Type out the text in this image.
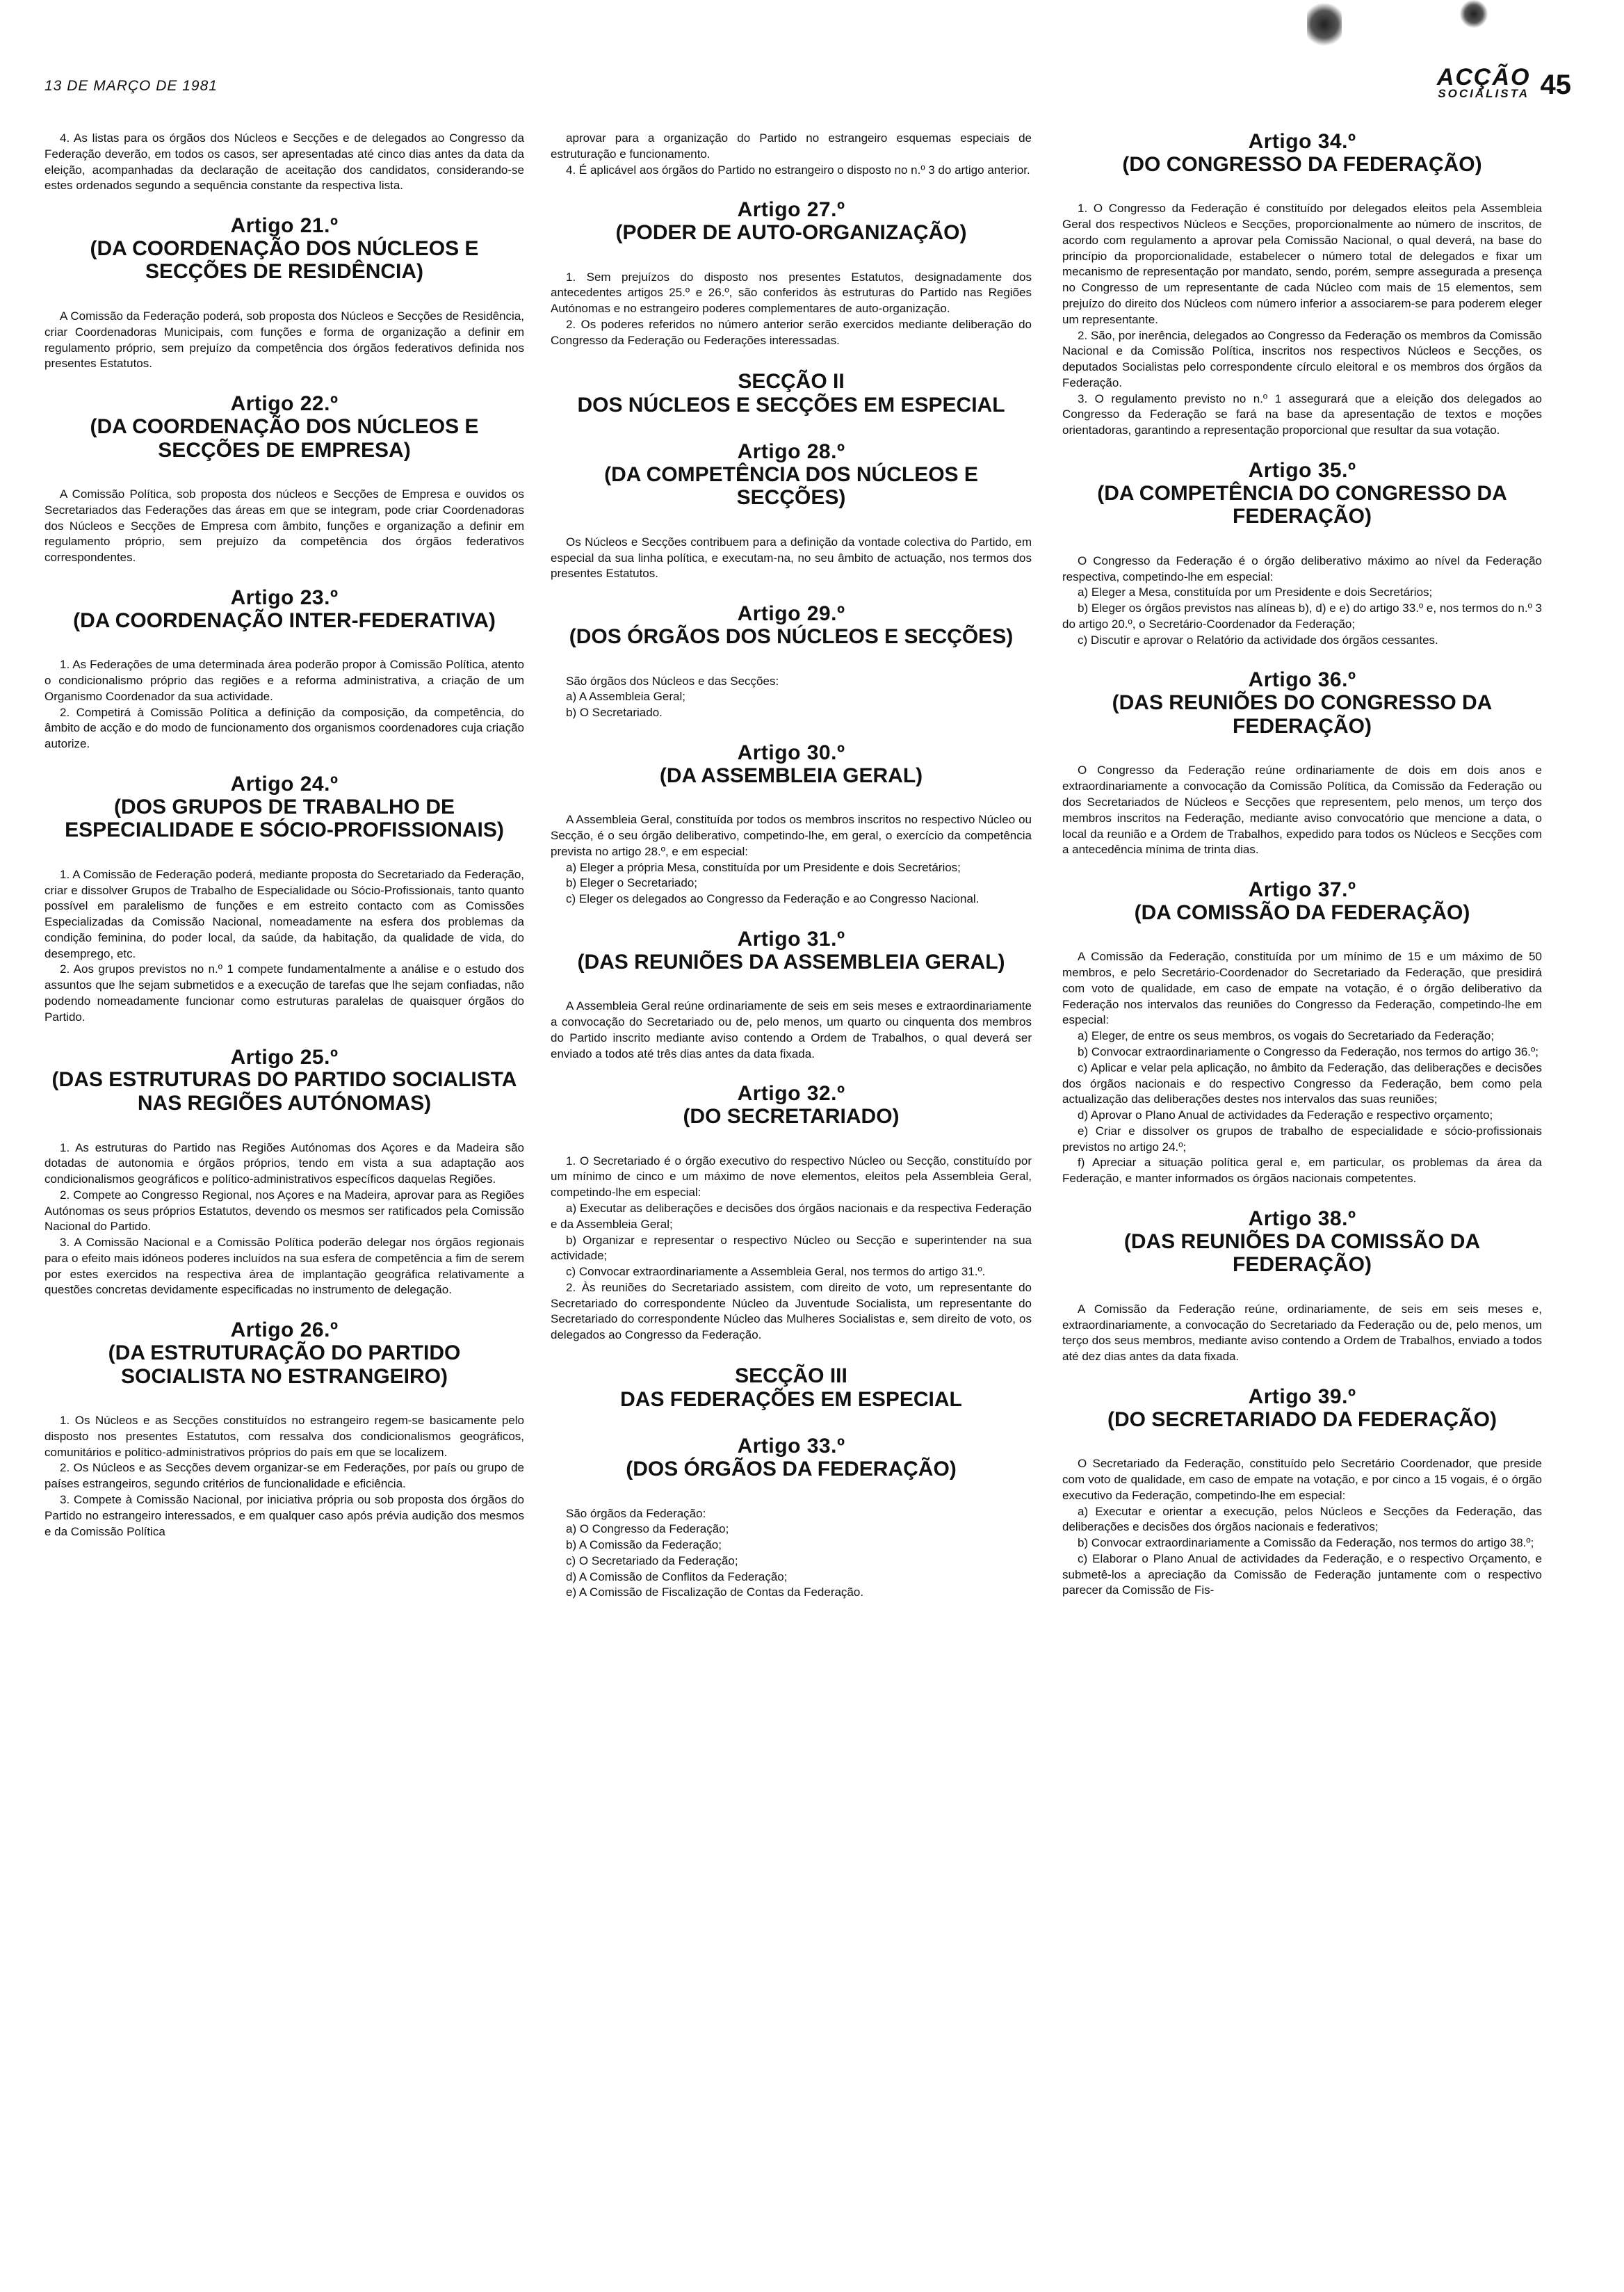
13 DE MARÇO DE 1981	ACÇÃO
SOCIALISTA 45

4. As listas para os órgãos dos Núcleos e Secções e de delegados ao Congresso da Federação deverão, em todos os casos, ser apresentadas até cinco dias antes da data da eleição, acompanhadas da declaração de aceitação dos candidatos, considerando-se estes ordenados segundo a sequência constante da respectiva lista.

Artigo 21.º
(DA COORDENAÇÃO DOS NÚCLEOS E SECÇÕES DE RESIDÊNCIA)

A Comissão da Federação poderá, sob proposta dos Núcleos e Secções de Residência, criar Coordenadoras Municipais, com funções e forma de organização a definir em regulamento próprio, sem prejuízo da competência dos órgãos federativos definida nos presentes Estatutos.

Artigo 22.º
(DA COORDENAÇÃO DOS NÚCLEOS E SECÇÕES DE EMPRESA)

A Comissão Política, sob proposta dos núcleos e Secções de Empresa e ouvidos os Secretariados das Federações das áreas em que se integram, pode criar Coordenadoras dos Núcleos e Secções de Empresa com âmbito, funções e organização a definir em regulamento próprio, sem prejuízo da competência dos órgãos federativos correspondentes.

Artigo 23.º
(DA COORDENAÇÃO INTER-FEDERATIVA)

1. As Federações de uma determinada área poderão propor à Comissão Política, atento o condicionalismo próprio das regiões e a reforma administrativa, a criação de um Organismo Coordenador da sua actividade.

2. Competirá à Comissão Política a definição da composição, da competência, do âmbito de acção e do modo de funcionamento dos organismos coordenadores cuja criação autorize.

Artigo 24.º
(DOS GRUPOS DE TRABALHO DE ESPECIALIDADE E SÓCIO-PROFISSIONAIS)

1. A Comissão de Federação poderá, mediante proposta do Secretariado da Federação, criar e dissolver Grupos de Trabalho de Especialidade ou Sócio-Profissionais, tanto quanto possível em paralelismo de funções e em estreito contacto com as Comissões Especializadas da Comissão Nacional, nomeadamente na esfera dos problemas da condição feminina, do poder local, da saúde, da habitação, da qualidade de vida, do desemprego, etc.

2. Aos grupos previstos no n.º 1 compete fundamentalmente a análise e o estudo dos assuntos que lhe sejam submetidos e a execução de tarefas que lhe sejam confiadas, não podendo nomeadamente funcionar como estruturas paralelas de quaisquer órgãos do Partido.

Artigo 25.º
(DAS ESTRUTURAS DO PARTIDO SOCIALISTA NAS REGIÕES AUTÓNOMAS)

1. As estruturas do Partido nas Regiões Autónomas dos Açores e da Madeira são dotadas de autonomia e órgãos próprios, tendo em vista a sua adaptação aos condicionalismos geográficos e político-administrativos específicos daquelas Regiões.

2. Compete ao Congresso Regional, nos Açores e na Madeira, aprovar para as Regiões Autónomas os seus próprios Estatutos, devendo os mesmos ser ratificados pela Comissão Nacional do Partido.

3. A Comissão Nacional e a Comissão Política poderão delegar nos órgãos regionais para o efeito mais idóneos poderes incluídos na sua esfera de competência a fim de serem por estes exercidos na respectiva área de implantação geográfica relativamente a questões concretas devidamente especificadas no instrumento de delegação.

Artigo 26.º
(DA ESTRUTURAÇÃO DO PARTIDO SOCIALISTA NO ESTRANGEIRO)

1. Os Núcleos e as Secções constituídos no estrangeiro regem-se basicamente pelo disposto nos presentes Estatutos, com ressalva dos condicionalismos geográficos, comunitários e político-administrativos próprios do país em que se localizem.

2. Os Núcleos e as Secções devem organizar-se em Federações, por país ou grupo de países estrangeiros, segundo critérios de funcionalidade e eficiência.

3. Compete à Comissão Nacional, por iniciativa própria ou sob proposta dos órgãos do Partido no estrangeiro interessados, e em qualquer caso após prévia audição dos mesmos e da Comissão Política

aprovar para a organização do Partido no estrangeiro esquemas especiais de estruturação e funcionamento.

4. É aplicável aos órgãos do Partido no estrangeiro o disposto no n.º 3 do artigo anterior.

Artigo 27.º
(PODER DE AUTO-ORGANIZAÇÃO)

1. Sem prejuízos do disposto nos presentes Estatutos, designadamente dos antecedentes artigos 25.º e 26.º, são conferidos às estruturas do Partido nas Regiões Autónomas e no estrangeiro poderes complementares de auto-organização.

2. Os poderes referidos no número anterior serão exercidos mediante deliberação do Congresso da Federação ou Federações interessadas.

SECÇÃO II
DOS NÚCLEOS E SECÇÕES EM ESPECIAL
Artigo 28.º
(DA COMPETÊNCIA DOS NÚCLEOS E SECÇÕES)

Os Núcleos e Secções contribuem para a definição da vontade colectiva do Partido, em especial da sua linha política, e executam-na, no seu âmbito de actuação, nos termos dos presentes Estatutos.

Artigo 29.º
(DOS ÓRGÃOS DOS NÚCLEOS E SECÇÕES)

São órgãos dos Núcleos e das Secções:

a) A Assembleia Geral;

b) O Secretariado.

Artigo 30.º
(DA ASSEMBLEIA GERAL)

A Assembleia Geral, constituída por todos os membros inscritos no respectivo Núcleo ou Secção, é o seu órgão deliberativo, competindo-lhe, em geral, o exercício da competência prevista no artigo 28.º, e em especial:

a) Eleger a própria Mesa, constituída por um Presidente e dois Secretários;

b) Eleger o Secretariado;

c) Eleger os delegados ao Congresso da Federação e ao Congresso Nacional.

Artigo 31.º
(DAS REUNIÕES DA ASSEMBLEIA GERAL)

A Assembleia Geral reúne ordinariamente de seis em seis meses e extraordinariamente a convocação do Secretariado ou de, pelo menos, um quarto ou cinquenta dos membros do Partido inscrito mediante aviso contendo a Ordem de Trabalhos, o qual deverá ser enviado a todos até três dias antes da data fixada.

Artigo 32.º
(DO SECRETARIADO)

1. O Secretariado é o órgão executivo do respectivo Núcleo ou Secção, constituído por um mínimo de cinco e um máximo de nove elementos, eleitos pela Assembleia Geral, competindo-lhe em especial:

a) Executar as deliberações e decisões dos órgãos nacionais e da respectiva Federação e da Assembleia Geral;

b) Organizar e representar o respectivo Núcleo ou Secção e superintender na sua actividade;

c) Convocar extraordinariamente a Assembleia Geral, nos termos do artigo 31.º.

2. Às reuniões do Secretariado assistem, com direito de voto, um representante do Secretariado do correspondente Núcleo da Juventude Socialista, um representante do Secretariado do correspondente Núcleo das Mulheres Socialistas e, sem direito de voto, os delegados ao Congresso da Federação.

SECÇÃO III
DAS FEDERAÇÕES EM ESPECIAL
Artigo 33.º
(DOS ÓRGÃOS DA FEDERAÇÃO)

São órgãos da Federação:

a) O Congresso da Federação;

b) A Comissão da Federação;

c) O Secretariado da Federação;

d) A Comissão de Conflitos da Federação;

e) A Comissão de Fiscalização de Contas da Federação.

Artigo 34.º
(DO CONGRESSO DA FEDERAÇÃO)

1. O Congresso da Federação é constituído por delegados eleitos pela Assembleia Geral dos respectivos Núcleos e Secções, proporcionalmente ao número de inscritos, de acordo com regulamento a aprovar pela Comissão Nacional, o qual deverá, na base do princípio da proporcionalidade, estabelecer o número total de delegados e fixar um mecanismo de representação por mandato, sendo, porém, sempre assegurada a presença no Congresso de um representante de cada Núcleo com mais de 15 elementos, sem prejuízo do direito dos Núcleos com número inferior a associarem-se para poderem eleger um representante.

2. São, por inerência, delegados ao Congresso da Federação os membros da Comissão Nacional e da Comissão Política, inscritos nos respectivos Núcleos e Secções, os deputados Socialistas pelo correspondente círculo eleitoral e os membros dos órgãos da Federação.

3. O regulamento previsto no n.º 1 assegurará que a eleição dos delegados ao Congresso da Federação se fará na base da apresentação de textos e moções orientadoras, garantindo a representação proporcional que resultar da sua votação.

Artigo 35.º
(DA COMPETÊNCIA DO CONGRESSO DA FEDERAÇÃO)

O Congresso da Federação é o órgão deliberativo máximo ao nível da Federação respectiva, competindo-lhe em especial:

a) Eleger a Mesa, constituída por um Presidente e dois Secretários;

b) Eleger os órgãos previstos nas alíneas b), d) e e) do artigo 33.º e, nos termos do n.º 3 do artigo 20.º, o Secretário-Coordenador da Federação;

c) Discutir e aprovar o Relatório da actividade dos órgãos cessantes.

Artigo 36.º
(DAS REUNIÕES DO CONGRESSO DA FEDERAÇÃO)

O Congresso da Federação reúne ordinariamente de dois em dois anos e extraordinariamente a convocação da Comissão Política, da Comissão da Federação ou dos Secretariados de Núcleos e Secções que representem, pelo menos, um terço dos membros inscritos na Federação, mediante aviso convocatório que mencione a data, o local da reunião e a Ordem de Trabalhos, expedido para todos os Núcleos e Secções com a antecedência mínima de trinta dias.

Artigo 37.º
(DA COMISSÃO DA FEDERAÇÃO)

A Comissão da Federação, constituída por um mínimo de 15 e um máximo de 50 membros, e pelo Secretário-Coordenador do Secretariado da Federação, que presidirá com voto de qualidade, em caso de empate na votação, é o órgão deliberativo da Federação nos intervalos das reuniões do Congresso da Federação, competindo-lhe em especial:

a) Eleger, de entre os seus membros, os vogais do Secretariado da Federação;

b) Convocar extraordinariamente o Congresso da Federação, nos termos do artigo 36.º;

c) Aplicar e velar pela aplicação, no âmbito da Federação, das deliberações e decisões dos órgãos nacionais e do respectivo Congresso da Federação, bem como pela actualização das deliberações destes nos intervalos das suas reuniões;

d) Aprovar o Plano Anual de actividades da Federação e respectivo orçamento;

e) Criar e dissolver os grupos de trabalho de especialidade e sócio-profissionais previstos no artigo 24.º;

f) Apreciar a situação política geral e, em particular, os problemas da área da Federação, e manter informados os órgãos nacionais competentes.

Artigo 38.º
(DAS REUNIÕES DA COMISSÃO DA FEDERAÇÃO)

A Comissão da Federação reúne, ordinariamente, de seis em seis meses e, extraordinariamente, a convocação do Secretariado da Federação ou de, pelo menos, um terço dos seus membros, mediante aviso contendo a Ordem de Trabalhos, enviado a todos até dez dias antes da data fixada.

Artigo 39.º
(DO SECRETARIADO DA FEDERAÇÃO)

O Secretariado da Federação, constituído pelo Secretário Coordenador, que preside com voto de qualidade, em caso de empate na votação, e por cinco a 15 vogais, é o órgão executivo da Federação, competindo-lhe em especial:

a) Executar e orientar a execução, pelos Núcleos e Secções da Federação, das deliberações e decisões dos órgãos nacionais e federativos;

b) Convocar extraordinariamente a Comissão da Federação, nos termos do artigo 38.º;

c) Elaborar o Plano Anual de actividades da Federação, e o respectivo Orçamento, e submetê-los a apreciação da Comissão de Federação juntamente com o respectivo parecer da Comissão de Fis-
